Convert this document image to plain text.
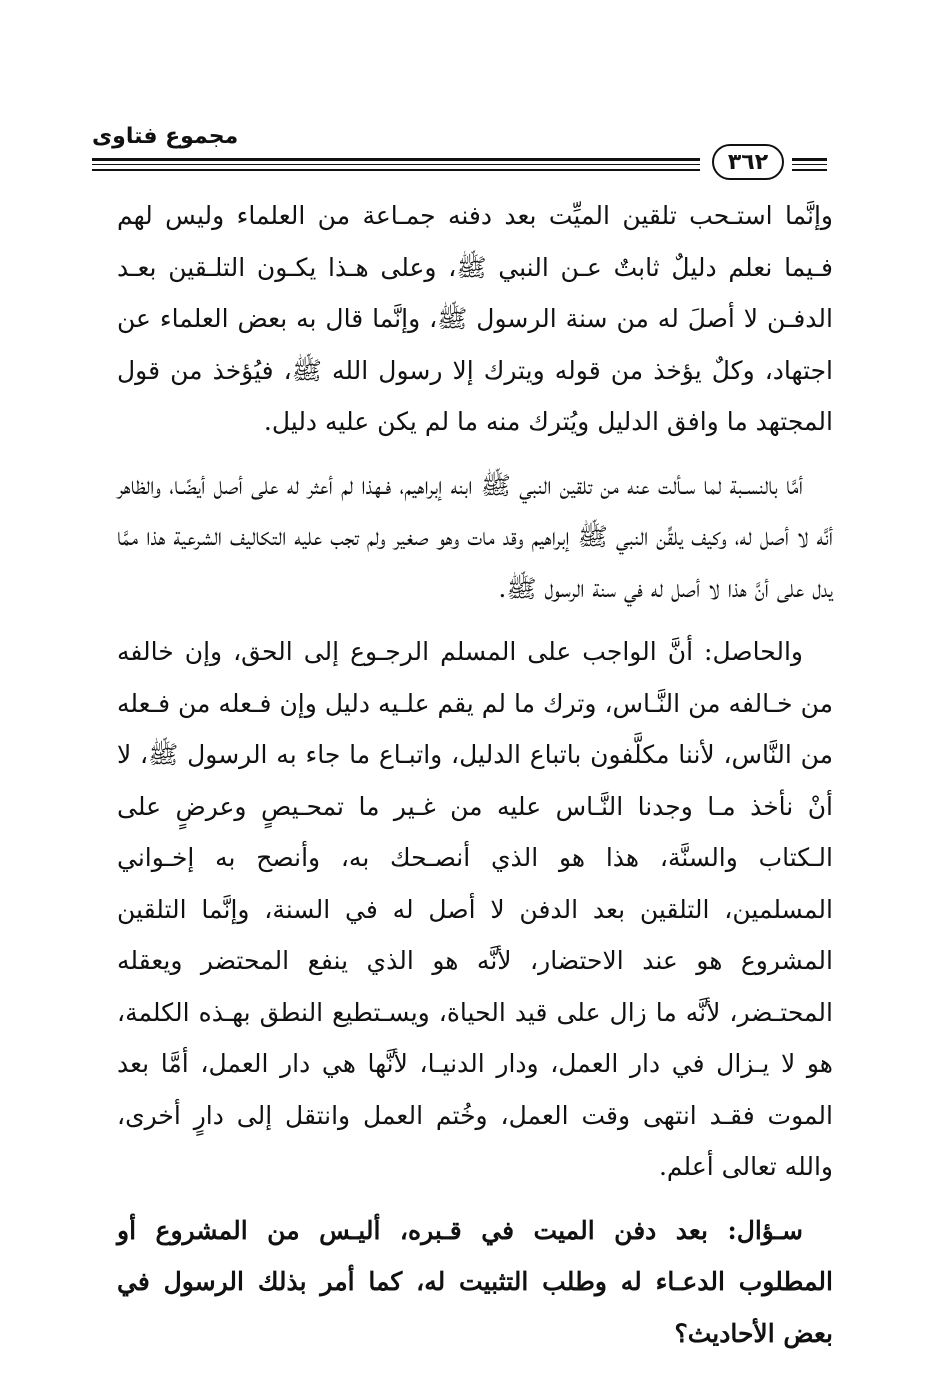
مجموع فتاوى
٣٦٢

وإنَّما استـحب تلقين الميِّت بعد دفنه جمـاعة من العلماء وليس لهم فـيما نعلم دليلٌ ثابتٌ عـن النبي ﷺ، وعلى هـذا يكـون التلـقين بعـد الدفـن لا أصلَ له من سنة الرسول ﷺ، وإنَّما قال به بعض العلماء عن اجتهاد، وكلٌ يؤخذ من قوله ويترك إلا رسول الله ﷺ، فيُؤخذ من قول المجتهد ما وافق الدليل ويُترك منه ما لم يكن عليه دليل.

أمَّا بالنسـبة لما سـألت عنه من تلقين النبي ﷺ ابنه إبراهيم، فـهذا لم أعثر له على أصل أيضًـا، والظاهر أنَّه لا أصل له، وكيف يلقِّن النبي ﷺ إبراهيم وقد مات وهو صغير ولم تجب عليه التكاليف الشرعية هذا ممَّا يدل على أنَّ هذا لا أصل له في سنة الرسول ﷺ.

والحاصل: أنَّ الواجب على المسلم الرجـوع إلى الحق، وإن خالفه من خـالفه من النَّـاس، وترك ما لم يقم علـيه دليل وإن فـعله من فـعله من النَّاس، لأننا مكلَّفون باتباع الدليل، واتبـاع ما جاء به الرسول ﷺ، لا أنْ نأخذ مـا وجدنا النَّـاس عليه من غـير ما تمحـيصٍ وعرضٍ على الـكتاب والسنَّة، هذا هو الذي أنصـحك به، وأنصح به إخـواني المسلمين، التلقين بعد الدفن لا أصل له في السنة، وإنَّما التلقين المشروع هو عند الاحتضار، لأنَّه هو الذي ينفع المحتضر ويعقله المحتـضر، لأنَّه ما زال على قيد الحياة، ويسـتطيع النطق بهـذه الكلمة، هو لا يـزال في دار العمل، ودار الدنيـا، لأنَّها هي دار العمل، أمَّا بعد الموت فقـد انتهى وقت العمل، وخُتم العمل وانتقل إلى دارٍ أخرى، والله تعالى أعلم.

سـؤال: بعد دفن الميت في قـبره، أليـس من المشروع أو المطلوب الدعـاء له وطلب التثبيت له، كما أمر بذلك الرسول في بعض الأحاديث؟
